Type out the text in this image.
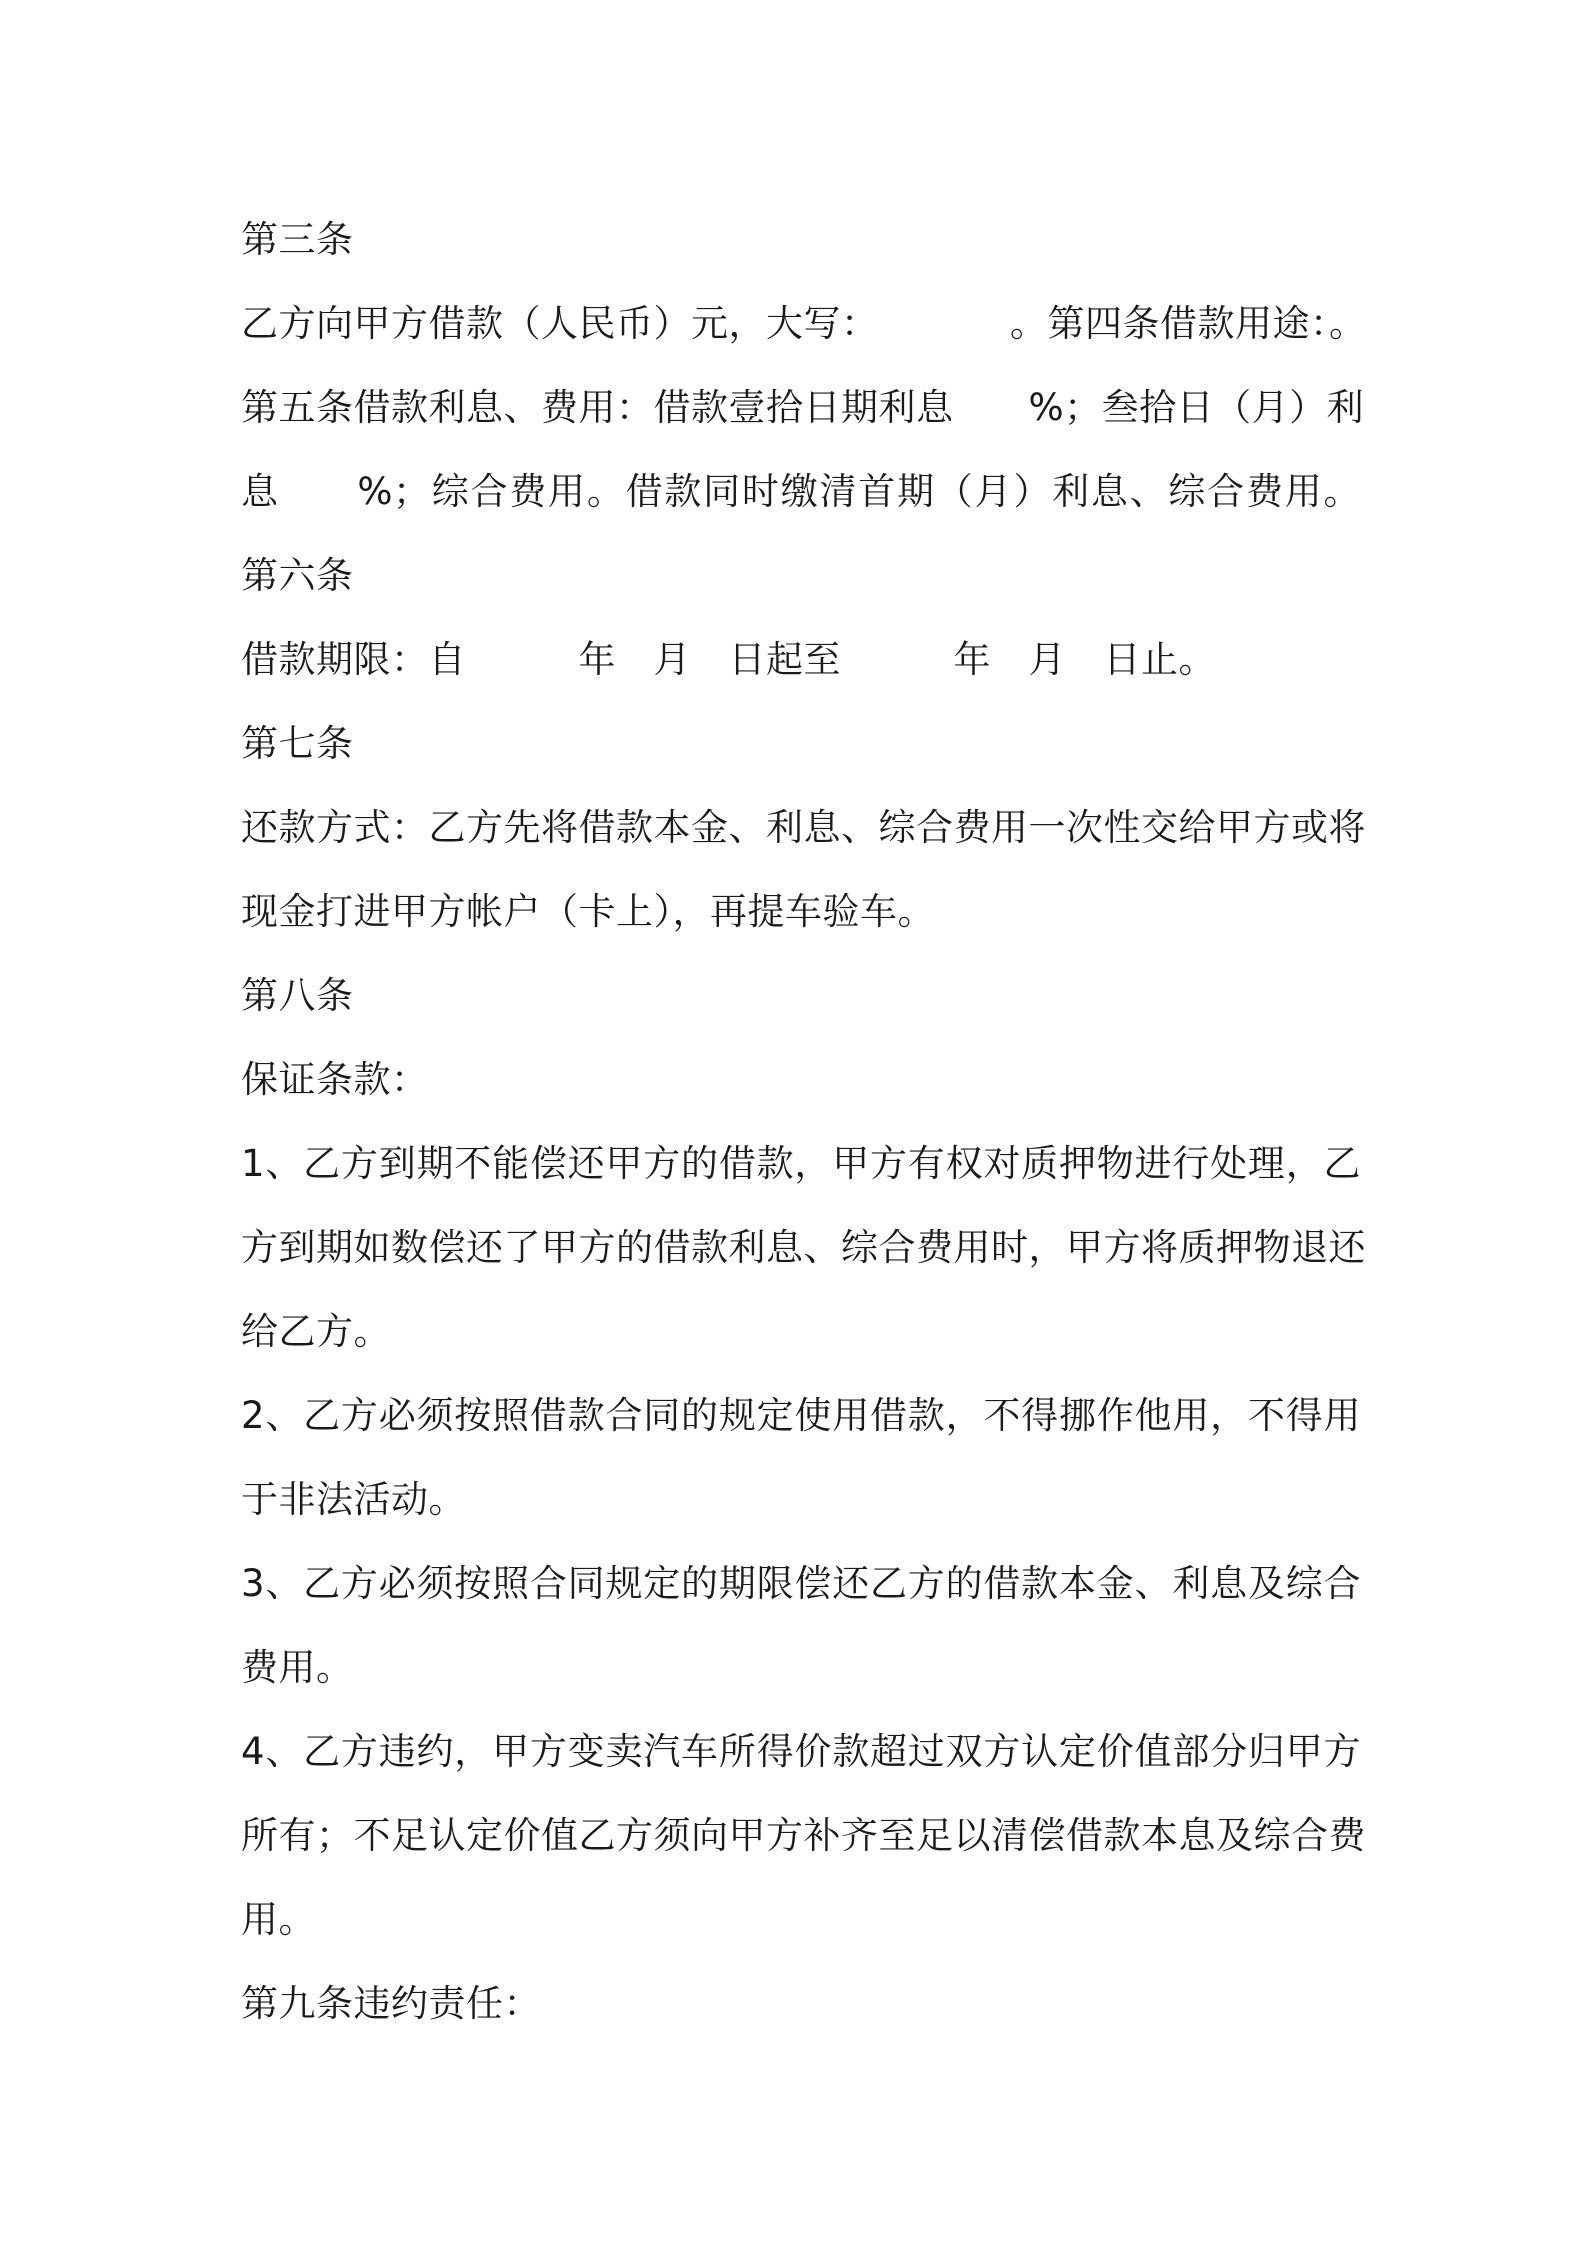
第三条
乙方向甲方借款（人民币）元，大写：　　　　。第四条借款用途：。
第五条借款利息、费用：借款壹拾日期利息　　%；叁拾日（月）利
息　　%；综合费用。借款同时缴清首期（月）利息、综合费用。
第六条
借款期限：自　　　年　月　日起至　　　年　月　日止。
第七条
还款方式：乙方先将借款本金、利息、综合费用一次性交给甲方或将
现金打进甲方帐户（卡上），再提车验车。
第八条
保证条款：
1、乙方到期不能偿还甲方的借款，甲方有权对质押物进行处理，乙
方到期如数偿还了甲方的借款利息、综合费用时，甲方将质押物退还
给乙方。
2、乙方必须按照借款合同的规定使用借款，不得挪作他用，不得用
于非法活动。
3、乙方必须按照合同规定的期限偿还乙方的借款本金、利息及综合
费用。
4、乙方违约，甲方变卖汽车所得价款超过双方认定价值部分归甲方
所有；不足认定价值乙方须向甲方补齐至足以清偿借款本息及综合费
用。
第九条违约责任：
